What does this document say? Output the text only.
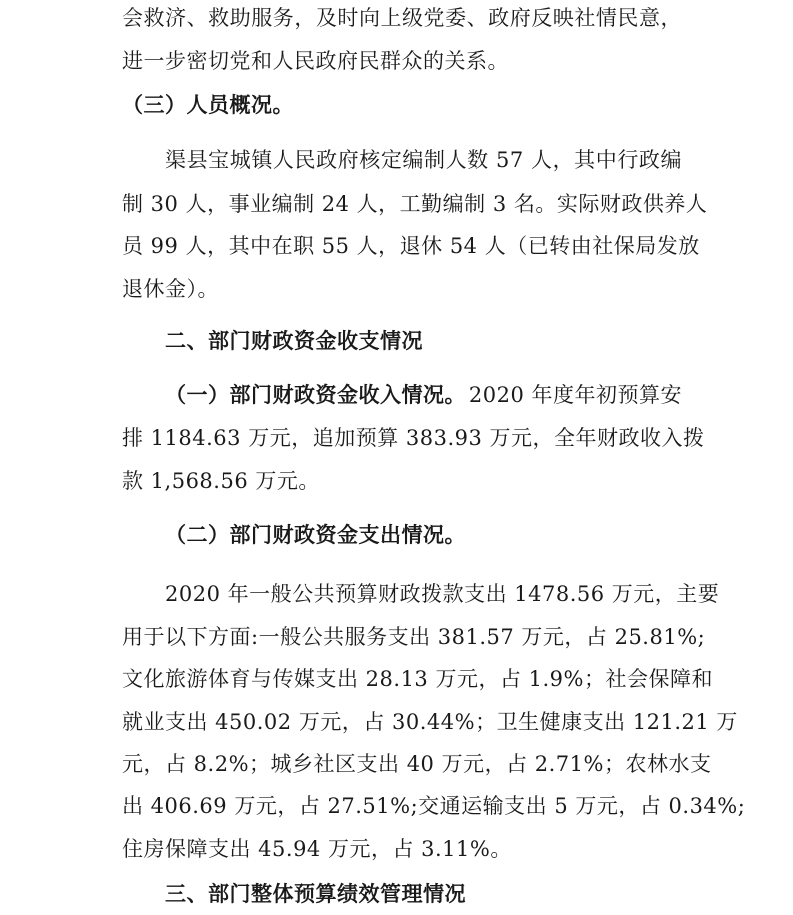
会救济、救助服务，及时向上级党委、政府反映社情民意，
进一步密切党和人民政府民群众的关系。
（三）人员概况。
渠县宝城镇人民政府核定编制人数 57 人，其中行政编
制 30 人，事业编制 24 人，工勤编制 3 名。实际财政供养人
员 99 人，其中在职 55 人，退休 54 人（已转由社保局发放
退休金）。
二、部门财政资金收支情况
（一）部门财政资金收入情况。 2020 年度年初预算安
排 1184.63 万元，追加预算 383.93 万元，全年财政收入拨
款 1,568.56 万元。
（二）部门财政资金支出情况。
2020 年一般公共预算财政拨款支出 1478.56 万元，主要
用于以下方面:一般公共服务支出 381.57 万元，占 25.81%;
文化旅游体育与传媒支出 28.13 万元，占 1.9%；社会保障和
就业支出 450.02 万元，占 30.44%；卫生健康支出 121.21 万
元，占 8.2%；城乡社区支出 40 万元，占 2.71%；农林水支
出 406.69 万元，占 27.51%;交通运输支出 5 万元，占 0.34%;
住房保障支出 45.94 万元，占 3.11%。
三、部门整体预算绩效管理情况
